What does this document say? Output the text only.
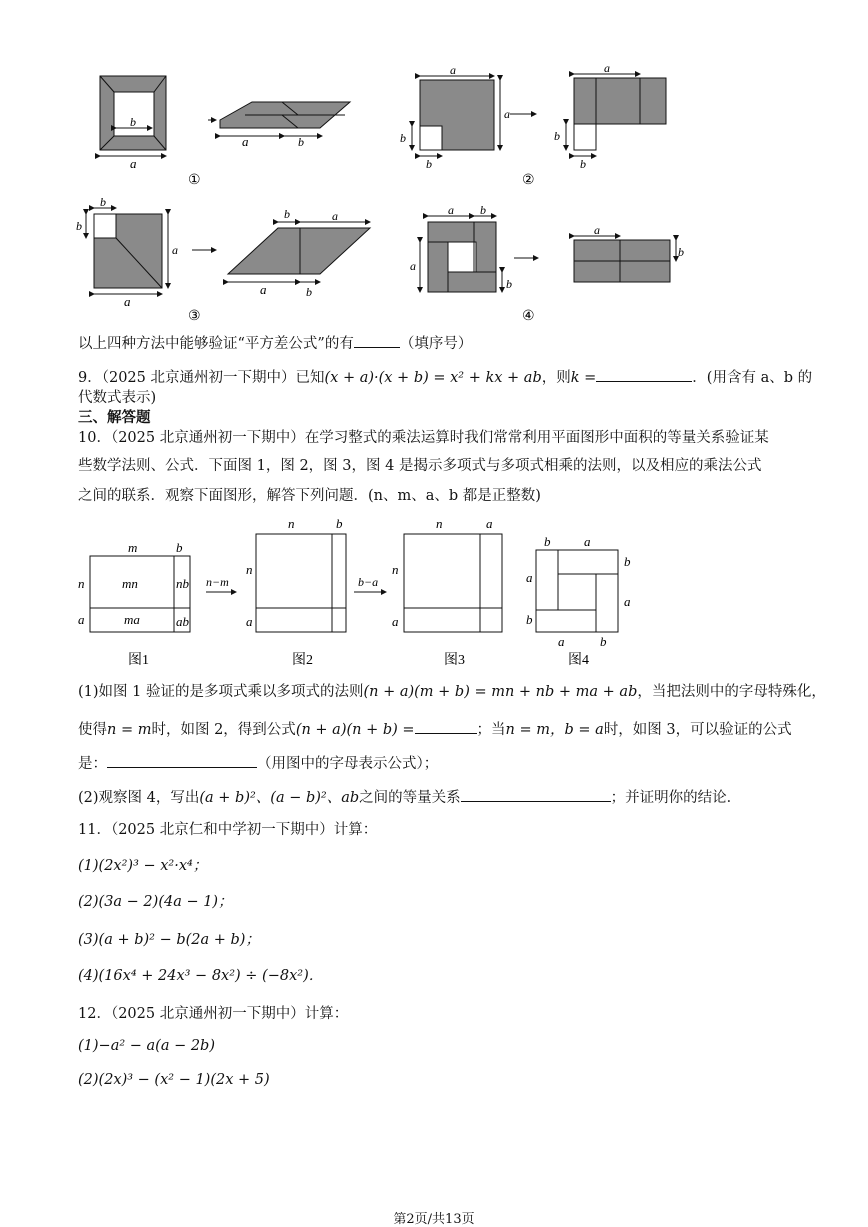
b
a
a	b
①
a
a
b
b
a
b
b
②
b
b
a
a
b	a
a	b
③
a b
a
b
a
b
④
以上四种方法中能够验证“平方差公式”的有	（填序号）
9．（2025 北京通州初一下期中）已知(x + a)·(x + b) = x² + kx + ab，则k =	．(用含有 a、b 的
代数式表示)
三、解答题
10．（2025 北京通州初一下期中）在学习整式的乘法运算时我们常常利用平面图形中面积的等量关系验证某
些数学法则、公式．下面图 1，图 2，图 3，图 4 是揭示多项式与多项式相乘的法则，以及相应的乘法公式
之间的联系．观察下面图形，解答下列问题．(n、m、a、b 都是正整数)
m	b
n
a
mn	nb
ma	ab
图1
n−m
n	b
n
a
图2
b−a
n	a
n
a
图3
b	a
b
a
a
b
a	b
图4
(1)如图 1 验证的是多项式乘以多项式的法则(n + a)(m + b) = mn + nb + ma + ab，当把法则中的字母特殊化，
使得n = m时，如图 2，得到公式(n + a)(n + b) =	；当n = m，b = a时，如图 3，可以验证的公式
是：	（用图中的字母表示公式）；
(2)观察图 4，写出(a + b)²、(a − b)²、ab之间的等量关系	；并证明你的结论．
11．（2025 北京仁和中学初一下期中）计算：
(1)(2x²)³ − x²·x⁴；
(2)(3a − 2)(4a − 1)；
(3)(a + b)² − b(2a + b)；
(4)(16x⁴ + 24x³ − 8x²) ÷ (−8x²)．
12．（2025 北京通州初一下期中）计算：
(1)−a² − a(a − 2b)
(2)(2x)³ − (x² − 1)(2x + 5)
第2页/共13页
